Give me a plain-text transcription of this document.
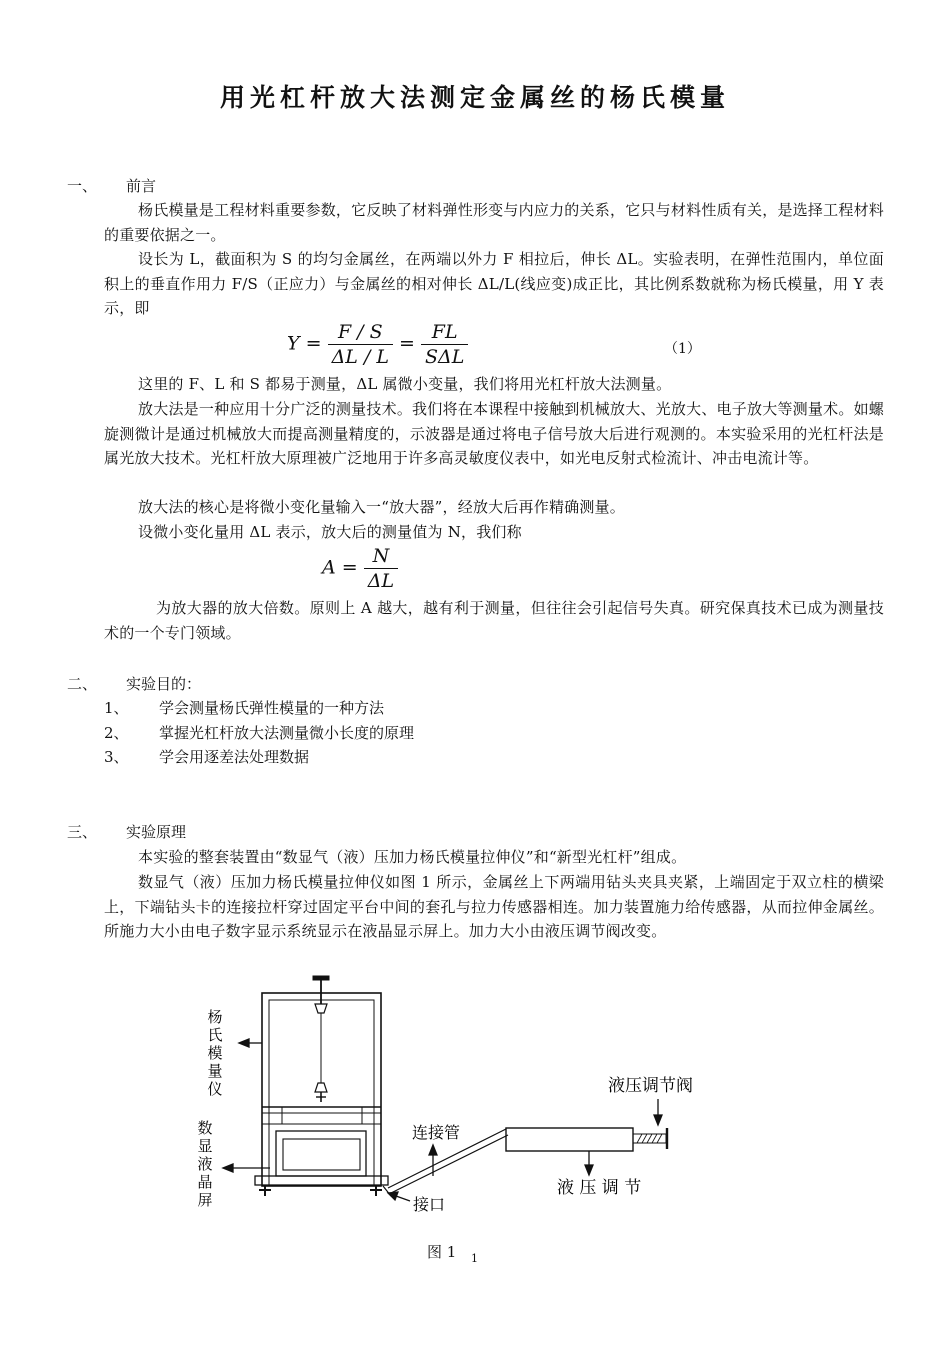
用光杠杆放大法测定金属丝的杨氏模量
一、 前言
杨氏模量是工程材料重要参数，它反映了材料弹性形变与内应力的关系，它只与材料性质有关，是选择工程材料的重要依据之一。
设长为 L，截面积为 S 的均匀金属丝，在两端以外力 F 相拉后，伸长 ΔL。实验表明，在弹性范围内，单位面积上的垂直作用力 F/S（正应力）与金属丝的相对伸长 ΔL/L(线应变)成正比，其比例系数就称为杨氏模量，用 Y 表示，即
$Y = \frac{F / S}{\Delta L / L} = \frac{FL}{\text{SΔL}}$	（1）
这里的 F、L 和 S 都易于测量，ΔL 属微小变量，我们将用光杠杆放大法测量。
放大法是一种应用十分广泛的测量技术。我们将在本课程中接触到机械放大、光放大、电子放大等测量术。如螺旋测微计是通过机械放大而提高测量精度的，示波器是通过将电子信号放大后进行观测的。本实验采用的光杠杆法是属光放大技术。光杠杆放大原理被广泛地用于许多高灵敏度仪表中，如光电反射式检流计、冲击电流计等。
放大法的核心是将微小变化量输入一“放大器”，经放大后再作精确测量。
设微小变化量用 ΔL 表示，放大后的测量值为 N，我们称
$A = \frac{N}{\Delta L}$
为放大器的放大倍数。原则上 A 越大，越有利于测量，但往往会引起信号失真。研究保真技术已成为测量技术的一个专门领域。
二、 实验目的：
1、 学会测量杨氏弹性模量的一种方法
2、 掌握光杠杆放大法测量微小长度的原理
3、 学会用逐差法处理数据
三、 实验原理
本实验的整套装置由“数显气（液）压加力杨氏模量拉伸仪”和“新型光杠杆”组成。
数显气（液）压加力杨氏模量拉伸仪如图 1 所示，金属丝上下两端用钻头夹具夹紧，上端固定于双立柱的横梁上，下端钻头卡的连接拉杆穿过固定平台中间的套孔与拉力传感器相连。加力装置施力给传感器，从而拉伸金属丝。所施力大小由电子数字显示系统显示在液晶显示屏上。加力大小由液压调节阀改变。
杨
氏
模
量
仪
数
显
液
晶
屏
连接管
接口
液压调节阀
液 压 调 节
图 1 1
